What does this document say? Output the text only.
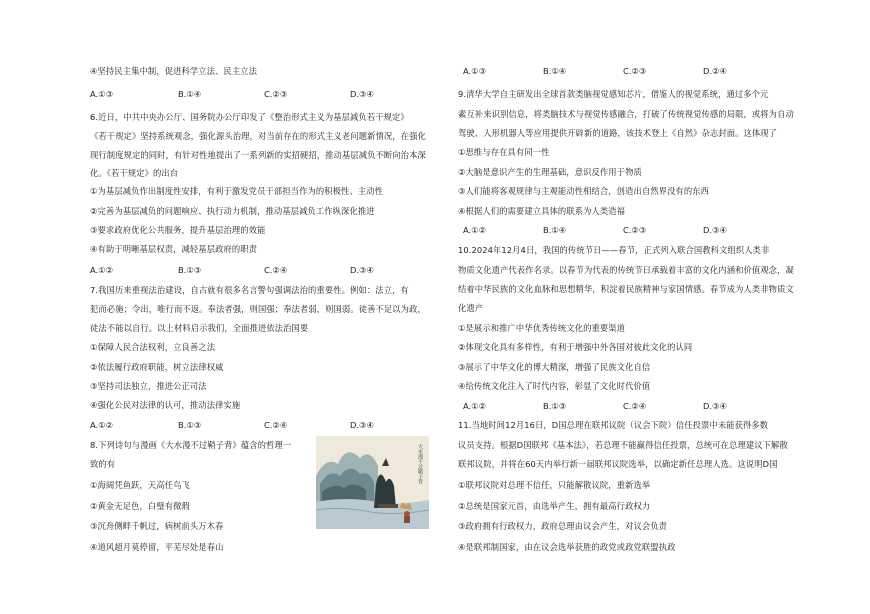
④坚持民主集中制，促进科学立法、民主立法
A.①③	B.①④	C.②③	D.③④
6.近日，中共中央办公厅、国务院办公厅印发了《整治形式主义为基层减负若干规定》
《若干规定》坚持系统观念，强化源头治理，对当前存在的形式主义老问题新情况，在强化
现行制度规定的同时，有针对性地提出了一系列新的实招硬招，推动基层减负不断向治本深
化。《若干规定》的出台
①为基层减负作出制度性安排，有利于激发党员干部担当作为的积极性、主动性
②完善为基层减负的问题响应、执行动力机制，推动基层减负工作纵深化推进
③要求政府优化公共服务，提升基层治理的效能
④有助于明晰基层权责，减轻基层政府的职责
A.①②	B.①③	C.②④	D.③④
7.我国历来重视法治建设，自古就有很多名言警句强调法治的重要性。例如：法立，有
犯而必施；令出，唯行而不返。奉法者强，则国强；奉法者弱，则国弱。徒善不足以为政，
徒法不能以自行。以上材料启示我们，全面推进依法治国要
①保障人民合法权利，立良善之法
②依法履行政府职能，树立法律权威
③坚持司法独立，推进公正司法
④强化公民对法律的认可，推动法律实施
A.①②	B.①③	C.②④	D.③④
8.下列诗句与漫画《大水漫不过鞘子背》蕴含的哲理一
致的有
①海阔凭鱼跃，天高任鸟飞
②黄金无足色，白璧有微瑕
③沉舟侧畔千帆过，病树前头万木春
④道风超月莫停留，平芜尽处是春山
大水漫不过鞘子背
A.①③	B.①④	C.②③	D.②④
9.清华大学自主研发出全球首款类脑视觉感知芯片，借鉴人的视觉系统，通过多个元
素互补来识别信息，将类脑技术与视觉传感融合，打破了传统视觉传感的局限，或将为自动
驾驶、人形机器人等应用提供开辟新的道路，该技术登上《自然》杂志封面。这体现了
①思维与存在具有同一性
②大脑是意识产生的生理基础，意识反作用于物质
③人们能将客观规律与主观能动性相结合，创造出自然界没有的东西
④根据人们的需要建立具体的联系为人类造福
A.①②	B.①④	C.②③	D.③④
10.2024年12月4日，我国的传统节日——春节，正式列入联合国教科文组织人类非
物质文化遗产代表作名录。以春节为代表的传统节日承载着丰富的文化内涵和价值观念，凝
结着中华民族的文化血脉和思想精华，积淀着民族精神与家国情感。春节成为人类非物质文
化遗产
①是展示和推广中华优秀传统文化的重要渠道
②体现文化具有多样性，有利于增强中外各国对彼此文化的认同
③展示了中华文化的博大精深，增强了民族文化自信
④给传统文化注入了时代内容，彰显了文化时代价值
A.①②	B.①③	C.②④	D.③④
11.当地时间12月16日，D国总理在联邦议院（议会下院）信任投票中未能获得多数
议员支持。根据D国联邦《基本法》，若总理不能赢得信任投票，总统可在总理建议下解散
联邦议院，并将在60天内举行新一届联邦议院选举，以确定新任总理人选。这说明D国
①联邦议院对总理不信任，只能解散议院，重新选举
②总统是国家元首，由选举产生，拥有最高行政权力
③政府拥有行政权力，政府总理由议会产生，对议会负责
④是联邦制国家，由在议会选举获胜的政党或政党联盟执政
